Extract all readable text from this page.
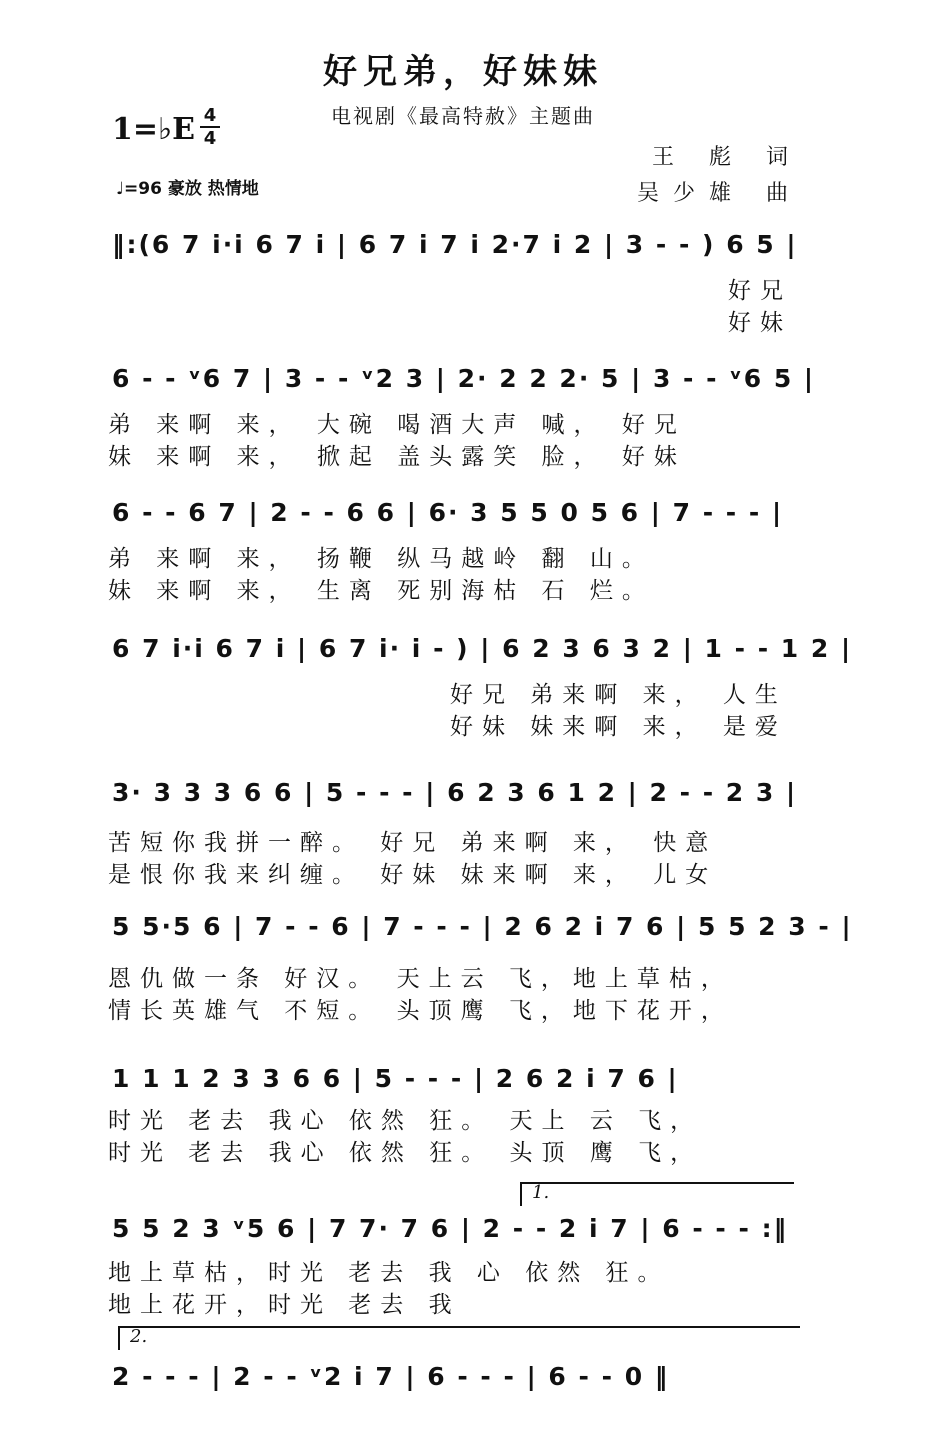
好兄弟，好妹妹
电视剧《最高特赦》主题曲
1=♭E 4
4
王 彪 词
吴少雄 曲
♩=96 豪放 热情地
‖:(6 7 i·i 6 7 i | 6 7 i 7 i 2·7 i 2 | 3 - - ) 6 5 |
好兄
好妹
6 - - ᵛ6 7 | 3 - - ᵛ2 3 | 2· 2 2 2· 5 | 3 - - ᵛ6 5 |
弟 来啊 来， 大碗 喝酒大声 喊， 好兄
妹 来啊 来， 掀起 盖头露笑 脸， 好妹
6 - - 6 7 | 2 - - 6 6 | 6· 3 5 5 0 5 6 | 7 - - - |
弟 来啊 来， 扬鞭 纵马越岭 翻 山。
妹 来啊 来， 生离 死别海枯 石 烂。
6 7 i·i 6 7 i | 6 7 i· i - ) | 6 2 3 6 3 2 | 1 - - 1 2 |
好兄 弟来啊 来， 人生
好妹 妹来啊 来， 是爱
3· 3 3 3 6 6 | 5 - - - | 6 2 3 6 1 2 | 2 - - 2 3 |
苦短你我拼一醉。 好兄 弟来啊 来， 快意
是恨你我来纠缠。 好妹 妹来啊 来， 儿女
5 5·5 6 | 7 - - 6 | 7 - - - | 2 6 2 i 7 6 | 5 5 2 3 - |
恩仇做一条 好汉。 天上云 飞，地上草枯，
情长英雄气 不短。 头顶鹰 飞，地下花开，
1 1 1 2 3 3 6 6 | 5 - - - | 2 6 2 i 7 6 |
时光 老去 我心 依然 狂。 天上 云 飞，
时光 老去 我心 依然 狂。 头顶 鹰 飞，
1.
5 5 2 3 ᵛ5 6 | 7 7· 7 6 | 2 - - 2 i 7 | 6 - - - :‖
地上草枯，时光 老去 我 心 依然 狂。
地上花开，时光 老去 我
2.
2 - - - | 2 - - ᵛ2 i 7 | 6 - - - | 6 - - 0 ‖
